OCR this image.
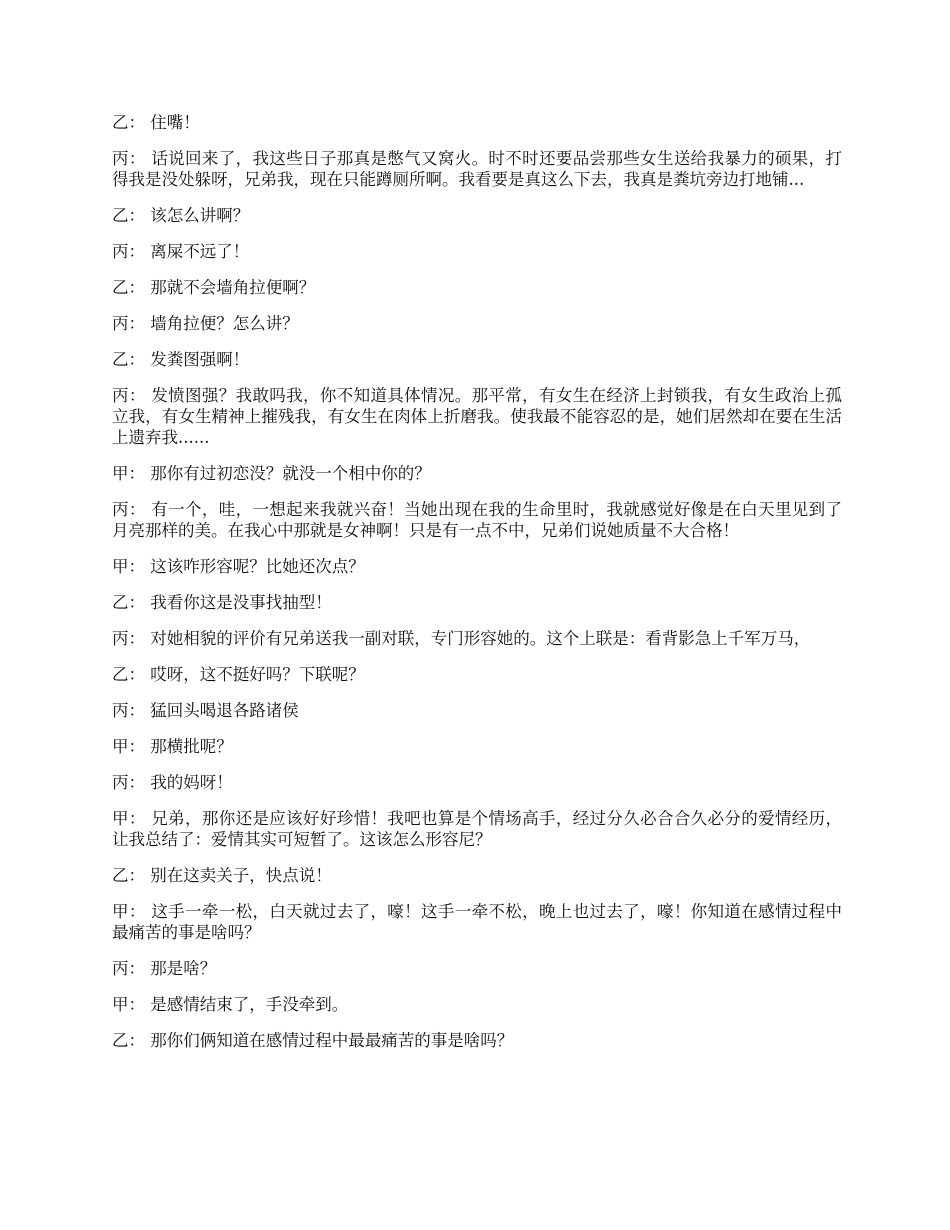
乙： 住嘴！

丙： 话说回来了，我这些日子那真是憋气又窝火。时不时还要品尝那些女生送给我暴力的硕果，打得我是没处躲呀，兄弟我，现在只能蹲厕所啊。我看要是真这么下去，我真是粪坑旁边打地铺...

乙： 该怎么讲啊？

丙： 离屎不远了！

乙： 那就不会墙角拉便啊？

丙： 墙角拉便？怎么讲？

乙： 发粪图强啊！

丙： 发愤图强？我敢吗我，你不知道具体情况。那平常，有女生在经济上封锁我，有女生政治上孤立我，有女生精神上摧残我，有女生在肉体上折磨我。使我最不能容忍的是，她们居然却在要在生活上遗弃我......

甲： 那你有过初恋没？就没一个相中你的？

丙： 有一个，哇，一想起来我就兴奋！当她出现在我的生命里时，我就感觉好像是在白天里见到了月亮那样的美。在我心中那就是女神啊！只是有一点不中，兄弟们说她质量不大合格！

甲： 这该咋形容呢？比她还次点？

乙： 我看你这是没事找抽型！

丙： 对她相貌的评价有兄弟送我一副对联，专门形容她的。这个上联是：看背影急上千军万马，

乙： 哎呀，这不挺好吗？下联呢？

丙： 猛回头喝退各路诸侯

甲： 那横批呢？

丙： 我的妈呀！

甲： 兄弟，那你还是应该好好珍惜！我吧也算是个情场高手，经过分久必合合久必分的爱情经历，让我总结了：爱情其实可短暂了。这该怎么形容尼？

乙： 别在这卖关子，快点说！

甲： 这手一牵一松，白天就过去了，嚎！这手一牵不松，晚上也过去了，嚎！你知道在感情过程中最痛苦的事是啥吗？

丙： 那是啥？

甲： 是感情结束了，手没牵到。

乙： 那你们俩知道在感情过程中最最痛苦的事是啥吗？
